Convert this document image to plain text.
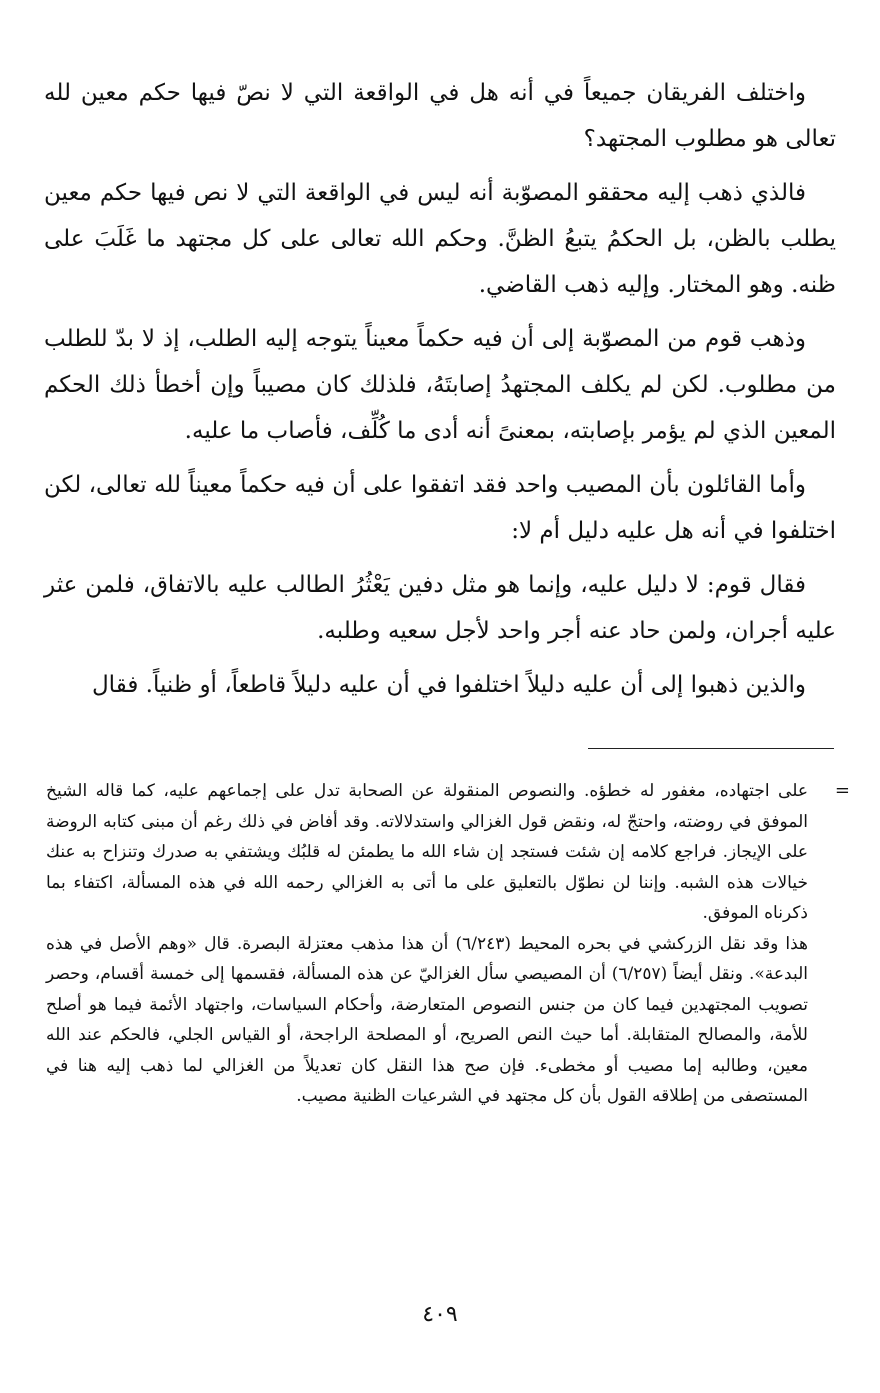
واختلف الفريقان جميعاً في أنه هل في الواقعة التي لا نصّ فيها حكم معين لله تعالى هو مطلوب المجتهد؟

فالذي ذهب إليه محققو المصوّبة أنه ليس في الواقعة التي لا نص فيها حكم معين يطلب بالظن، بل الحكمُ يتبعُ الظنَّ. وحكم الله تعالى على كل مجتهد ما غَلَبَ على ظنه. وهو المختار. وإليه ذهب القاضي.

وذهب قوم من المصوّبة إلى أن فيه حكماً معيناً يتوجه إليه الطلب، إذ لا بدّ للطلب من مطلوب. لكن لم يكلف المجتهدُ إصابتَهُ، فلذلك كان مصيباً وإن أخطأ ذلك الحكم المعين الذي لم يؤمر بإصابته، بمعنىً أنه أدى ما كُلِّف، فأصاب ما عليه.

وأما القائلون بأن المصيب واحد فقد اتفقوا على أن فيه حكماً معيناً لله تعالى، لكن اختلفوا في أنه هل عليه دليل أم لا:

فقال قوم: لا دليل عليه، وإنما هو مثل دفين يَعْثُرُ الطالب عليه بالاتفاق، فلمن عثر عليه أجران، ولمن حاد عنه أجر واحد لأجل سعيه وطلبه.

والذين ذهبوا إلى أن عليه دليلاً اختلفوا في أن عليه دليلاً قاطعاً، أو ظنياً. فقال

=

على اجتهاده، مغفور له خطؤه. والنصوص المنقولة عن الصحابة تدل على إجماعهم عليه، كما قاله الشيخ الموفق في روضته، واحتجّ له، ونقض قول الغزالي واستدلالاته. وقد أفاض في ذلك رغم أن مبنى كتابه الروضة على الإيجاز. فراجع كلامه إن شئت فستجد إن شاء الله ما يطمئن له قلبُك ويشتفي به صدرك وتنزاح به عنك خيالات هذه الشبه. وإننا لن نطوّل بالتعليق على ما أتى به الغزالي رحمه الله في هذه المسألة، اكتفاء بما ذكرناه الموفق.

هذا وقد نقل الزركشي في بحره المحيط (٦/٢٤٣) أن هذا مذهب معتزلة البصرة. قال «وهم الأصل في هذه البدعة». ونقل أيضاً (٦/٢٥٧) أن المصيصي سأل الغزاليّ عن هذه المسألة، فقسمها إلى خمسة أقسام، وحصر تصويب المجتهدين فيما كان من جنس النصوص المتعارضة، وأحكام السياسات، واجتهاد الأئمة فيما هو أصلح للأمة، والمصالح المتقابلة. أما حيث النص الصريح، أو المصلحة الراجحة، أو القياس الجلي، فالحكم عند الله معين، وطالبه إما مصيب أو مخطىء. فإن صح هذا النقل كان تعديلاً من الغزالي لما ذهب إليه هنا في المستصفى من إطلاقه القول بأن كل مجتهد في الشرعيات الظنية مصيب.

٤٠٩
